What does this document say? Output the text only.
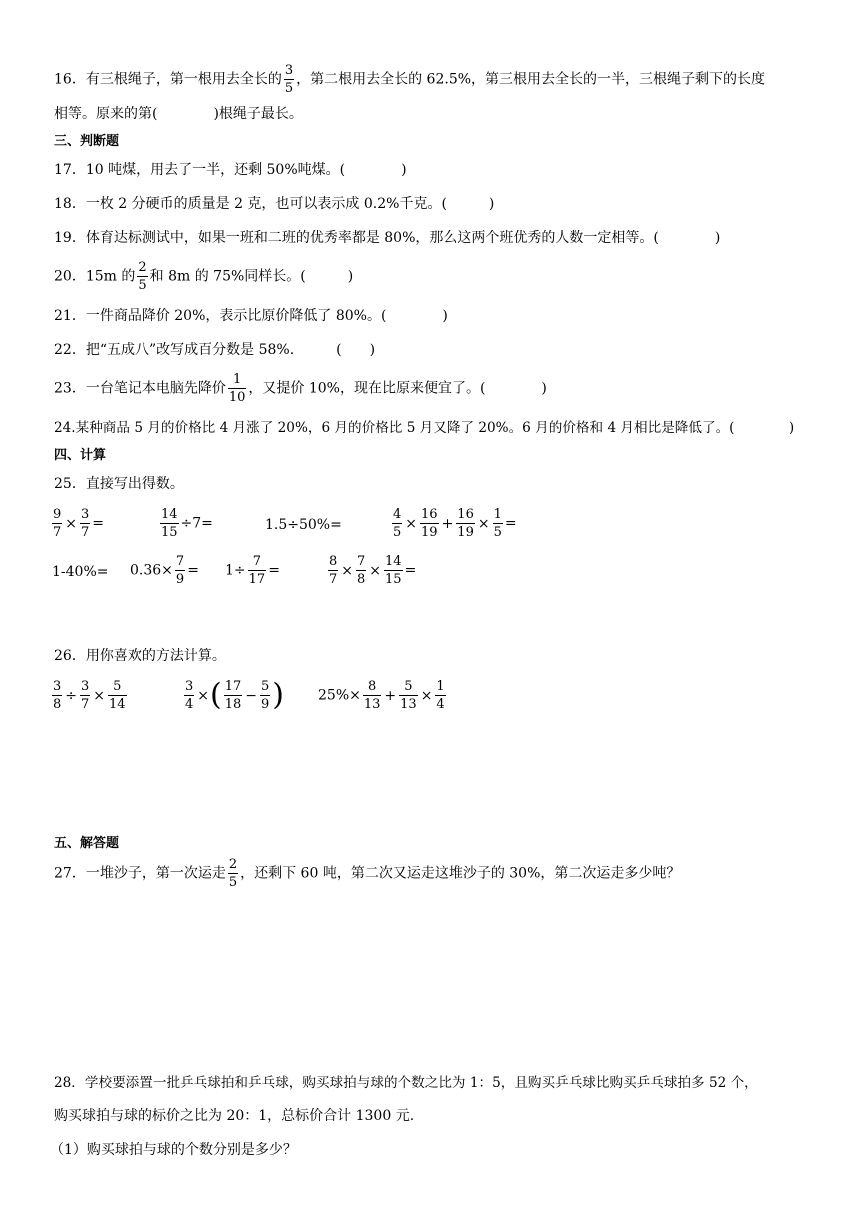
16．有三根绳子，第一根用去全长的 $\frac{3}{5}$ ，第二根用去全长的 62.5%，第三根用去全长的一半，三根绳子剩下的长度
相等。原来的第(　　　　)根绳子最长。
三、判断题
17．10 吨煤，用去了一半，还剩 50%吨煤。(　　　　)
18．一枚 2 分硬币的质量是 2 克，也可以表示成 0.2%千克。(　　　)
19．体育达标测试中，如果一班和二班的优秀率都是 80%，那么这两个班优秀的人数一定相等。(　　　　)
20．15m 的 $\frac{2}{5}$ 和 8m 的 75%同样长。(　　　)
21．一件商品降价 20%，表示比原价降低了 80%。(　　　　)
22．把“五成八”改写成百分数是 58%.　　　(　　)
23．一台笔记本电脑先降价 $\frac{1}{10}$ ，又提价 10%，现在比原来便宜了。(　　　　)
24.某种商品 5 月的价格比 4 月涨了 20%，6 月的价格比 5 月又降了 20%。6 月的价格和 4 月相比是降低了。(　　　　)
四、计算
25．直接写出得数。
$\frac{9}{7} \times \frac{3}{7}$ =	$\frac{14}{15} \div 7=$	1.5÷50%=	$\frac{4}{5} \times \frac{16}{19} + \frac{16}{19} \times \frac{1}{5}$ =
$1-40\%= 0.36\times \frac{7}{9} = 1\div \frac{7}{17}$ =	$\frac{8}{7} \times \frac{7}{8} \times \frac{14}{15}$ =
26．用你喜欢的方法计算。
$\frac{3}{8} \div \frac{3}{7} \times \frac{5}{14}$	$\frac{3}{4}$ ×( $\frac{17}{18} - \frac{5}{9}$ ) $25\%\times \frac{8}{13} + \frac{5}{13} \times \frac{1}{4}$
五、解答题
27．一堆沙子，第一次运走 $\frac{2}{5}$ ，还剩下 60 吨，第二次又运走这堆沙子的 30%，第二次运走多少吨？
28．学校要添置一批乒乓球拍和乒乓球，购买球拍与球的个数之比为 1：5，且购买乒乓球比购买乒乓球拍多 52 个，
购买球拍与球的标价之比为 20：1，总标价合计 1300 元.
（1）购买球拍与球的个数分别是多少？
